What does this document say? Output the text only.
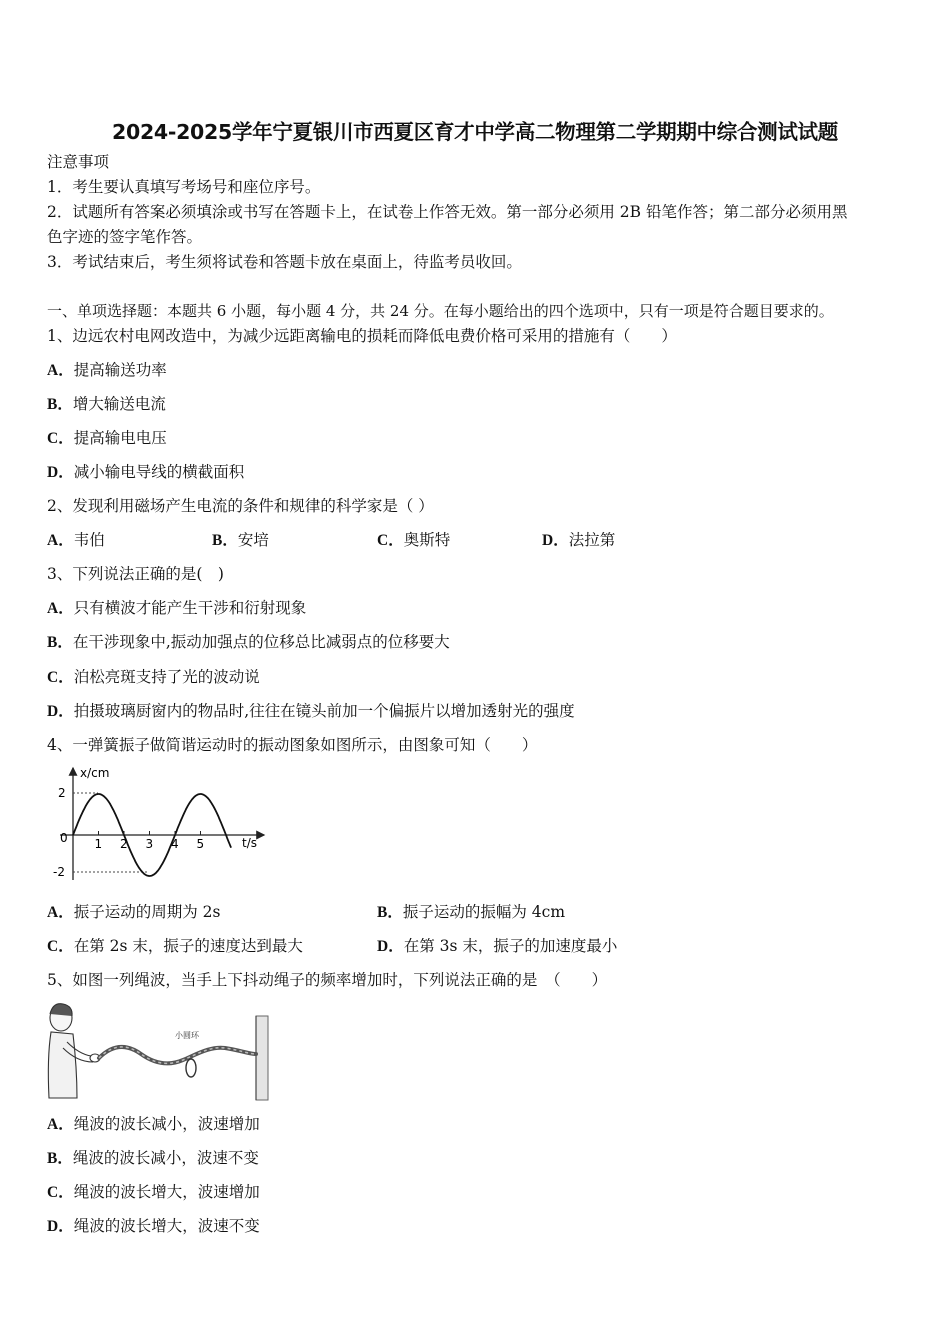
2024-2025学年宁夏银川市西夏区育才中学高二物理第二学期期中综合测试试题
注意事项
1．考生要认真填写考场号和座位序号。
2．试题所有答案必须填涂或书写在答题卡上，在试卷上作答无效。第一部分必须用 2B 铅笔作答；第二部分必须用黑
色字迹的签字笔作答。
3．考试结束后，考生须将试卷和答题卡放在桌面上，待监考员收回。
一、单项选择题：本题共 6 小题，每小题 4 分，共 24 分。在每小题给出的四个选项中，只有一项是符合题目要求的。
1、边远农村电网改造中，为减少远距离输电的损耗而降低电费价格可采用的措施有（　　）
A．提高输送功率
B．增大输送电流
C．提高输电电压
D．减小输电导线的横截面积
2、发现利用磁场产生电流的条件和规律的科学家是（ ）
A．韦伯	B．安培	C．奥斯特	D．法拉第
3、下列说法正确的是(　)
A．只有横波才能产生干涉和衍射现象
B．在干涉现象中,振动加强点的位移总比减弱点的位移要大
C．泊松亮斑支持了光的波动说
D．拍摄玻璃厨窗内的物品时,往往在镜头前加一个偏振片以增加透射光的强度
4、一弹簧振子做简谐运动时的振动图象如图所示，由图象可知（　　）
1 2 3 4 5
x/cm
t/s
0
2
-2
A．振子运动的周期为 2s	B．振子运动的振幅为 4cm
C．在第 2s 末，振子的速度达到最大	D．在第 3s 末，振子的加速度最小
5、如图一列绳波，当手上下抖动绳子的频率增加时，下列说法正确的是　（　　）
小圆环
A．绳波的波长减小，波速增加
B．绳波的波长减小，波速不变
C．绳波的波长增大，波速增加
D．绳波的波长增大，波速不变
